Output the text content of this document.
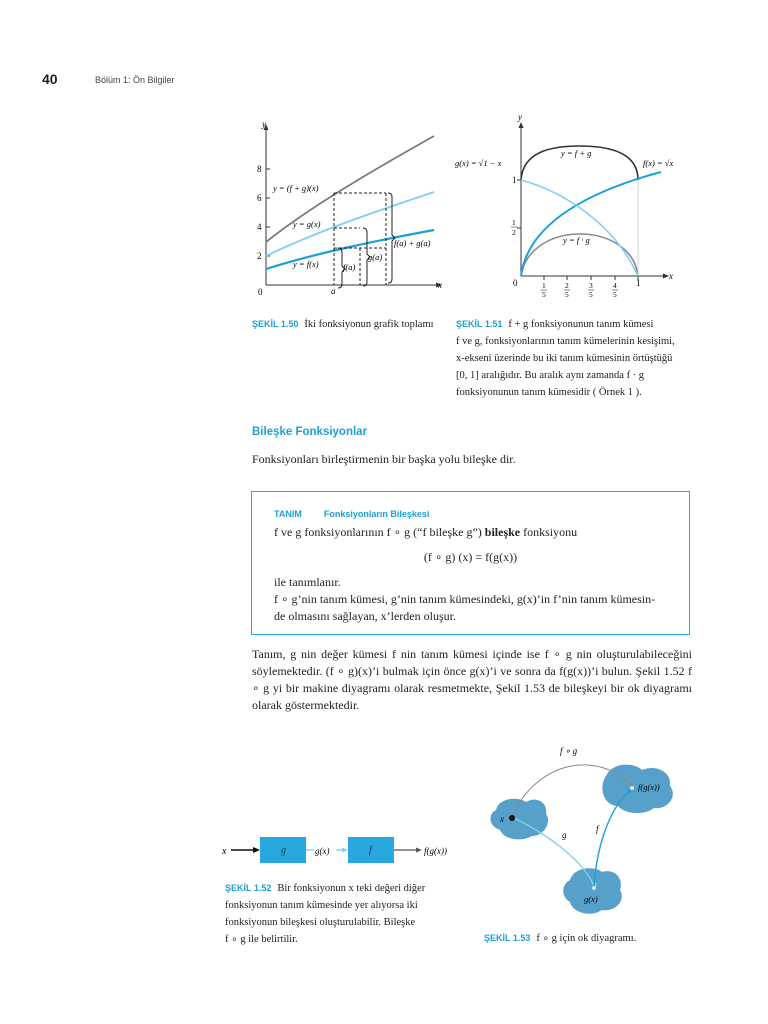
40	Bölüm 1: Ön Bilgiler
x
y
2
4
6
8
0	a
f(a)
g(a)
f(a) + g(a)
y = (f + g)(x)
y = g(x)
y = f(x)
ŞEKİL 1.50 İki fonksiyonun grafik toplamı
x
y
1
1
2
0	1
5
2
5
3
5
4
5
1
g(x) = √1 − x	f(x) = √x
y = f + g
y = f · g
ŞEKİL 1.51 f + g fonksiyonunun tanım kümesi
f ve g, fonksiyonlarının tanım kümelerinin kesişimi,
x-ekseni üzerinde bu iki tanım kümesinin örtüştüğü
[0, 1] aralığıdır. Bu aralık aynı zamanda f · g
fonksiyonunun tanım kümesidir ( Örnek 1 ).
Bileşke Fonksiyonlar
Fonksiyonları birleştirmenin bir başka yolu bileşke dir.
TANIM Fonksiyonların Bileşkesi
f ve g fonksiyonlarının f ∘ g (“f bileşke g”) bileşke fonksiyonu
(f ∘ g) (x) = f(g(x))
ile tanımlanır.
f ∘ g’nin tanım kümesi, g’nin tanım kümesindeki, g(x)’in f’nin tanım kümesin-
de olmasını sağlayan, x’lerden oluşur.
Tanım, g nin değer kümesi f nin tanım kümesi içinde ise f ∘ g nin oluşturulabileceğini söylemektedir. (f ∘ g)(x)’i bulmak için önce g(x)’i ve sonra da f(g(x))’i bulun. Şekil 1.52 f ∘ g yi bir makine diyagramı olarak resmetmekte, Şekil 1.53 de bileşkeyi bir ok diyagramı olarak göstermektedir.
x	g	g(x)	f	f(g(x))
ŞEKİL 1.52 Bir fonksiyonun x teki değeri diğer
fonksiyonun tanım kümesinde yer alıyorsa iki
fonksiyonun bileşkesi oluşturulabilir. Bileşke
f ∘ g ile belirtilir.
f ∘ g
x
g
f
g(x)
f(g(x))
ŞEKİL 1.53 f ∘ g için ok diyagramı.
